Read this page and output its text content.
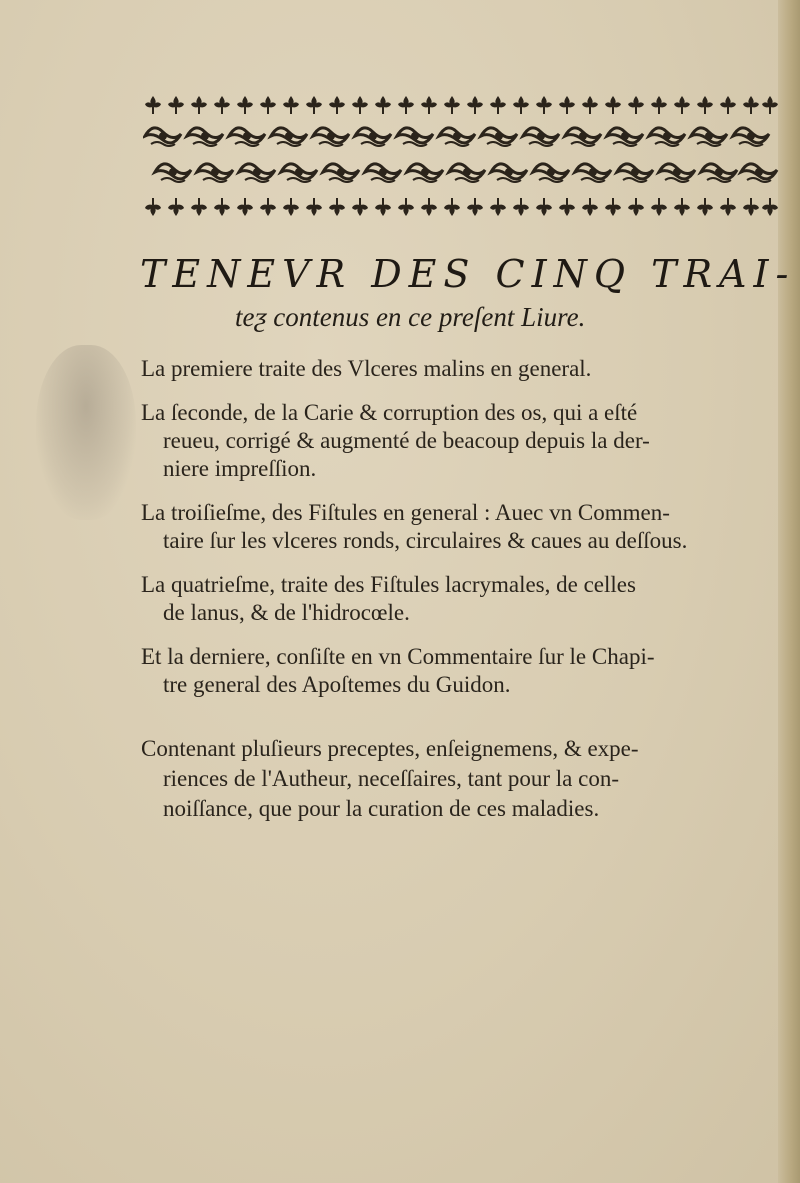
TENEVR DES CINQ TRAI-
teƺ contenus en ce preſent Liure.
La premiere traite des Vlceres malins en general.
La ſeconde, de la Carie & corruption des os, qui a eſté
reueu, corrigé & augmenté de beacoup depuis la der-
niere impreſſion.
La troiſieſme, des Fiſtules en general : Auec vn Commen-
taire ſur les vlceres ronds, circulaires & caues au deſſous.
La quatrieſme, traite des Fiſtules lacrymales, de celles
de lanus, & de l'hidrocœle.
Et la derniere, conſiſte en vn Commentaire ſur le Chapi-
tre general des Apoſtemes du Guidon.
Contenant pluſieurs preceptes, enſeignemens, & expe-
riences de l'Autheur, neceſſaires, tant pour la con-
noiſſance, que pour la curation de ces maladies.
